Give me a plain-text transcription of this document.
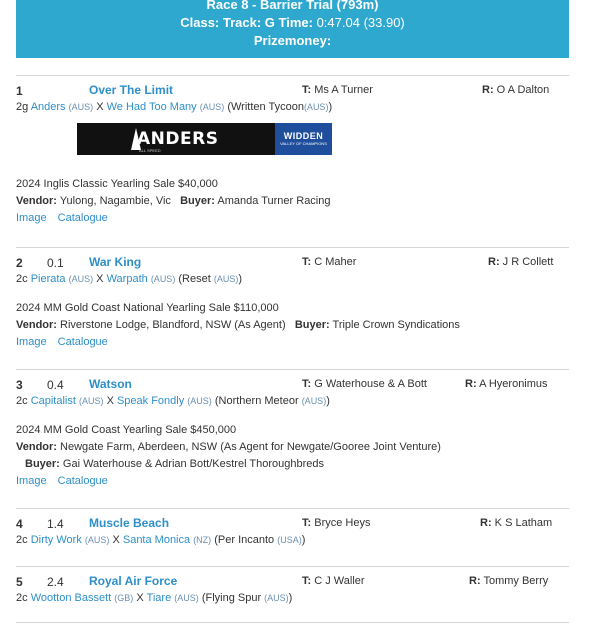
Race 8 - Barrier Trial (793m)
Class: Track: G Time: 0:47.04 (33.90)
Prizemoney:
1	Over The Limit	T: Ms A Turner	R: O A Dalton
2g Anders (AUS) X We Had Too Many (AUS) (Written Tycoon(AUS))
ANDERS
ALL SPEED
WIDDEN
VALLEY OF CHAMPIONS
2024 Inglis Classic Yearling Sale $40,000
Vendor: Yulong, Nagambie, Vic Buyer: Amanda Turner Racing
Image Catalogue
2 0.1 War King	T: C Maher	R: J R Collett
2c Pierata (AUS) X Warpath (AUS) (Reset (AUS))
2024 MM Gold Coast National Yearling Sale $110,000
Vendor: Riverstone Lodge, Blandford, NSW (As Agent) Buyer: Triple Crown Syndications
Image Catalogue
3 0.4 Watson	T: G Waterhouse & A Bott	R: A Hyeronimus
2c Capitalist (AUS) X Speak Fondly (AUS) (Northern Meteor (AUS))
2024 MM Gold Coast Yearling Sale $450,000
Vendor: Newgate Farm, Aberdeen, NSW (As Agent for Newgate/Gooree Joint Venture)
Buyer: Gai Waterhouse & Adrian Bott/Kestrel Thoroughbreds
Image Catalogue
4 1.4 Muscle Beach	T: Bryce Heys	R: K S Latham
2c Dirty Work (AUS) X Santa Monica (NZ) (Per Incanto (USA))
5 2.4 Royal Air Force	T: C J Waller	R: Tommy Berry
2c Wootton Bassett (GB) X Tiare (AUS) (Flying Spur (AUS))
